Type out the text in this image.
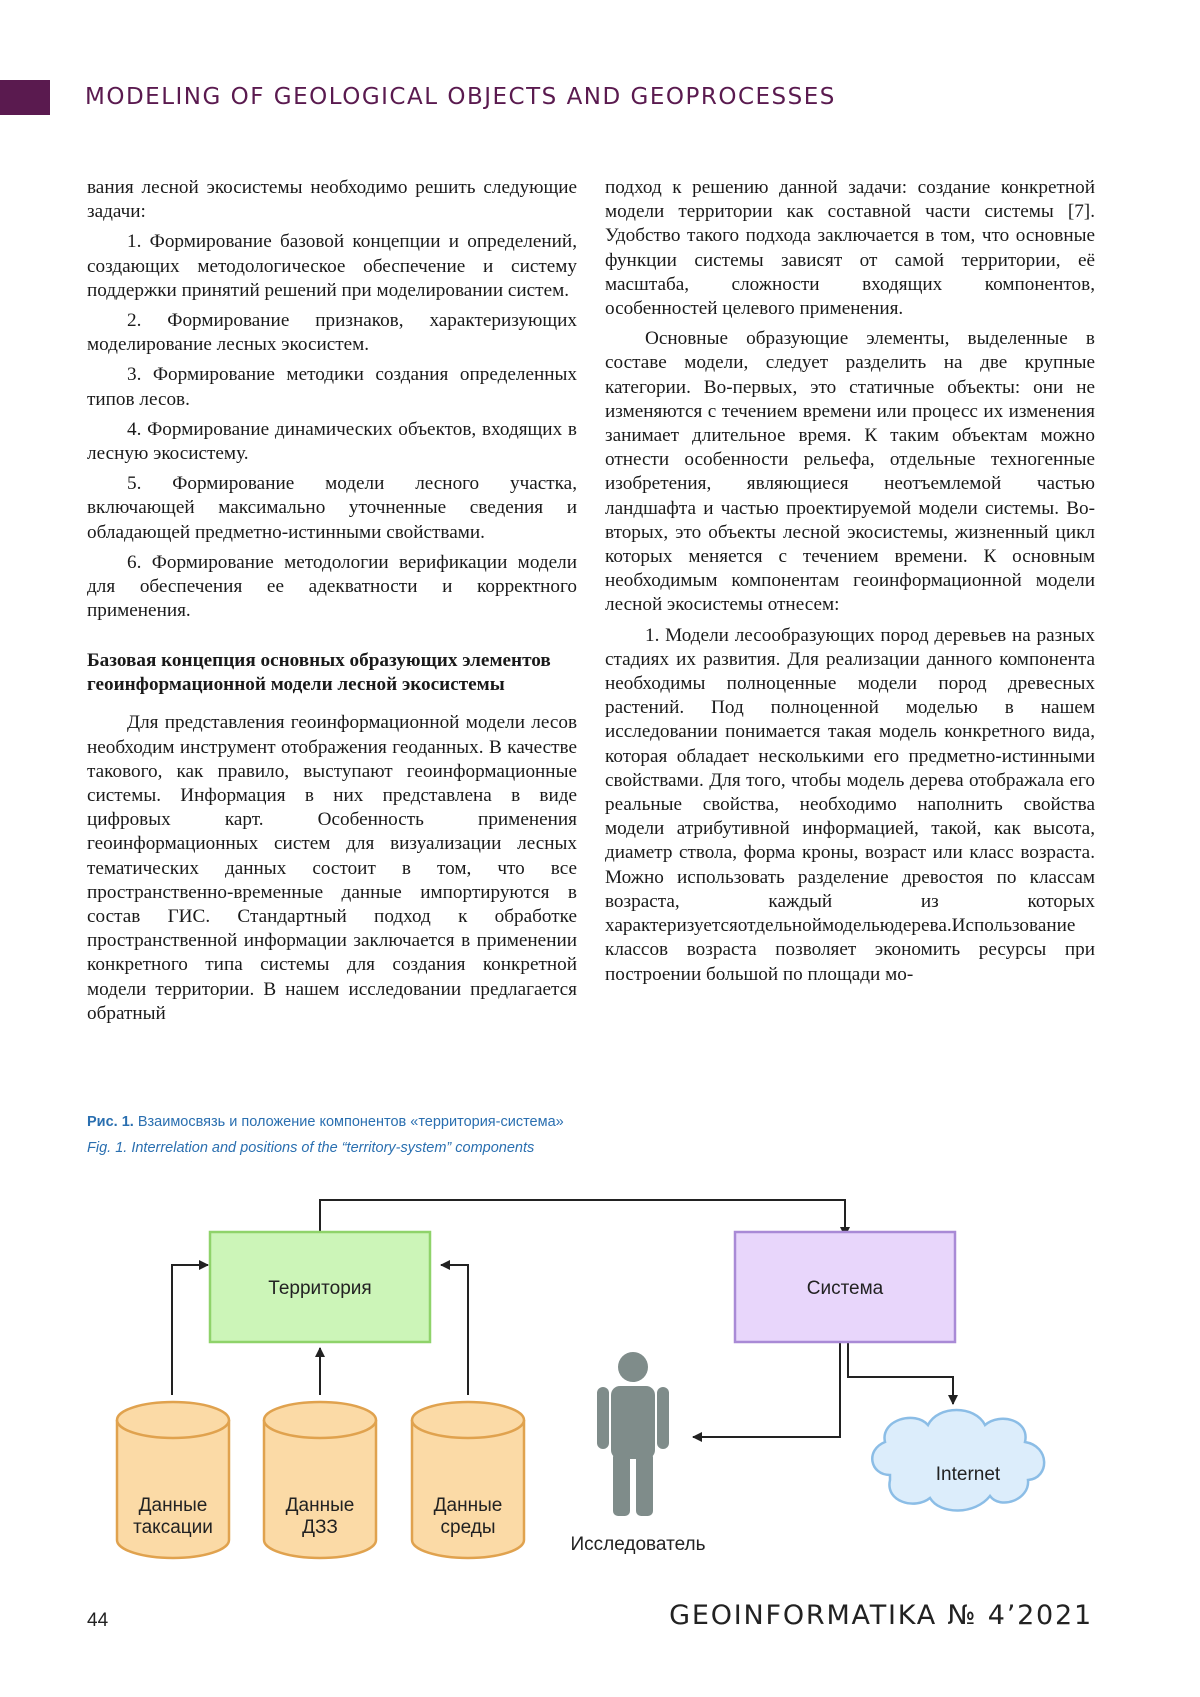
MODELING OF GEOLOGICAL OBJECTS AND GEOPROCESSES

вания лесной экосистемы необходимо решить следующие задачи:

1. Формирование базовой концепции и определений, создающих методологическое обеспечение и систему поддержки принятий решений при моделировании систем.

2. Формирование признаков, характеризующих моделирование лесных экосистем.

3. Формирование методики создания определенных типов лесов.

4. Формирование динамических объектов, входящих в лесную экосистему.

5. Формирование модели лесного участка, включающей максимально уточненные сведения и обладающей предметно-истинными свойствами.

6. Формирование методологии верификации модели для обеспечения ее адекватности и корректного применения.

Базовая концепция основных образующих элементов геоинформационной модели лесной экосистемы

Для представления геоинформационной модели лесов необходим инструмент отображения геоданных. В качестве такового, как правило, выступают геоинформационные системы. Информация в них представлена в виде цифровых карт. Особенность применения геоинформационных систем для визуализации лесных тематических данных состоит в том, что все пространственно-временные данные импортируются в состав ГИС. Стандартный подход к обработке пространственной информации заключается в применении конкретного типа системы для создания конкретной модели территории. В нашем исследовании предлагается обратный

подход к решению данной задачи: создание конкретной модели территории как составной части системы [7]. Удобство такого подхода заключается в том, что основные функции системы зависят от самой территории, её масштаба, сложности входящих компонентов, особенностей целевого применения.

Основные образующие элементы, выделенные в составе модели, следует разделить на две крупные категории. Во-первых, это статичные объекты: они не изменяются с течением времени или процесс их изменения занимает длительное время. К таким объектам можно отнести особенности рельефа, отдельные техногенные изобретения, являющиеся неотъемлемой частью ландшафта и частью проектируемой модели системы. Во-вторых, это объекты лесной экосистемы, жизненный цикл которых меняется с течением времени. К основным необходимым компонентам геоинформационной модели лесной экосистемы отнесем:

1. Модели лесообразующих пород деревьев на разных стадиях их развития. Для реализации данного компонента необходимы полноценные модели пород древесных растений. Под полноценной моделью в нашем исследовании понимается такая модель конкретного вида, которая обладает несколькими его предметно-истинными свойствами. Для того, чтобы модель дерева отображала его реальные свойства, необходимо наполнить свойства модели атрибутивной информацией, такой, как высота, диаметр ствола, форма кроны, возраст или класс возраста. Можно использовать разделение древостоя по классам возраста, каждый из которых характеризуетсяотдельноймодельюдерева.Использование классов возраста позволяет экономить ресурсы при построении большой по площади мо-

Рис. 1. Взаимосвязь и положение компонентов «территория-система»
Fig. 1. Interrelation and positions of the “territory-system” components
Территория	Система
Данные
таксации
Данные
ДЗЗ
Данные
среды
Исследователь
Internet
44	GEOINFORMATIKA № 4’2021
